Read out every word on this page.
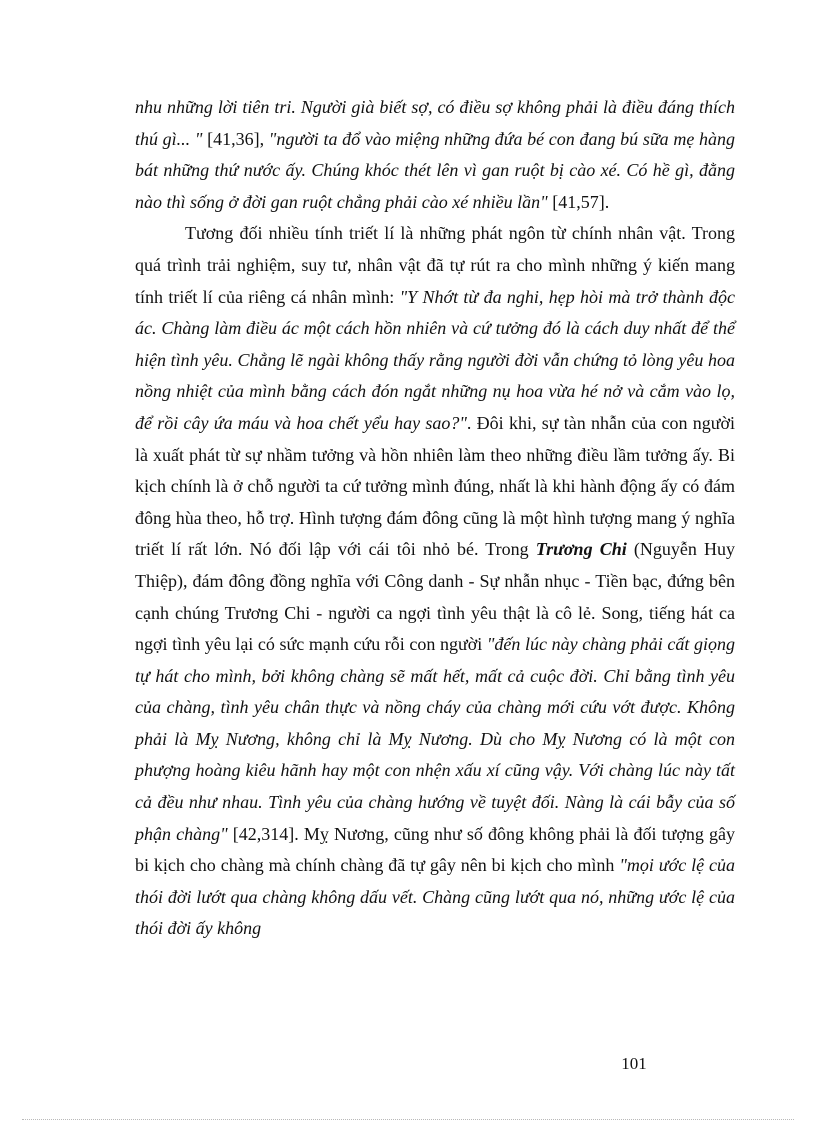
nhu những lời tiên tri. Người già biết sợ, có điều sợ không phải là điều đáng thích thú gì... " [41,36], "người ta đổ vào miệng những đứa bé con đang bú sữa mẹ hàng bát những thứ nước ấy. Chúng khóc thét lên vì gan ruột bị cào xé. Có hề gì, đằng nào thì sống ở đời gan ruột chẳng phải cào xé nhiều lần" [41,57].

Tương đối nhiều tính triết lí là những phát ngôn từ chính nhân vật. Trong quá trình trải nghiệm, suy tư, nhân vật đã tự rút ra cho mình những ý kiến mang tính triết lí của riêng cá nhân mình: "Y Nhớt từ đa nghi, hẹp hòi mà trở thành độc ác. Chàng làm điều ác một cách hồn nhiên và cứ tưởng đó là cách duy nhất để thể hiện tình yêu. Chẳng lẽ ngài không thấy rằng người đời vẫn chứng tỏ lòng yêu hoa nồng nhiệt của mình bằng cách đón ngắt những nụ hoa vừa hé nở và cắm vào lọ, để rồi cây ứa máu và hoa chết yểu hay sao?". Đôi khi, sự tàn nhẫn của con người là xuất phát từ sự nhầm tưởng và hồn nhiên làm theo những điều lầm tưởng ấy. Bi kịch chính là ở chỗ người ta cứ tưởng mình đúng, nhất là khi hành động ấy có đám đông hùa theo, hỗ trợ. Hình tượng đám đông cũng là một hình tượng mang ý nghĩa triết lí rất lớn. Nó đối lập với cái tôi nhỏ bé. Trong Trương Chi (Nguyễn Huy Thiệp), đám đông đồng nghĩa với Công danh - Sự nhẫn nhục - Tiền bạc, đứng bên cạnh chúng Trương Chi - người ca ngợi tình yêu thật là cô lẻ. Song, tiếng hát ca ngợi tình yêu lại có sức mạnh cứu rỗi con người "đến lúc này chàng phải cất giọng tự hát cho mình, bởi không chàng sẽ mất hết, mất cả cuộc đời. Chỉ bằng tình yêu của chàng, tình yêu chân thực và nồng cháy của chàng mới cứu vớt được. Không phải là Mỵ Nương, không chỉ là Mỵ Nương. Dù cho Mỵ Nương có là một con phượng hoàng kiêu hãnh hay một con nhện xấu xí cũng vậy. Với chàng lúc này tất cả đều như nhau. Tình yêu của chàng hướng về tuyệt đối. Nàng là cái bẫy của số phận chàng" [42,314]. Mỵ Nương, cũng như số đông không phải là đối tượng gây bi kịch cho chàng mà chính chàng đã tự gây nên bi kịch cho mình "mọi ước lệ của thói đời lướt qua chàng không dấu vết. Chàng cũng lướt qua nó, những ước lệ của thói đời ấy không

101
